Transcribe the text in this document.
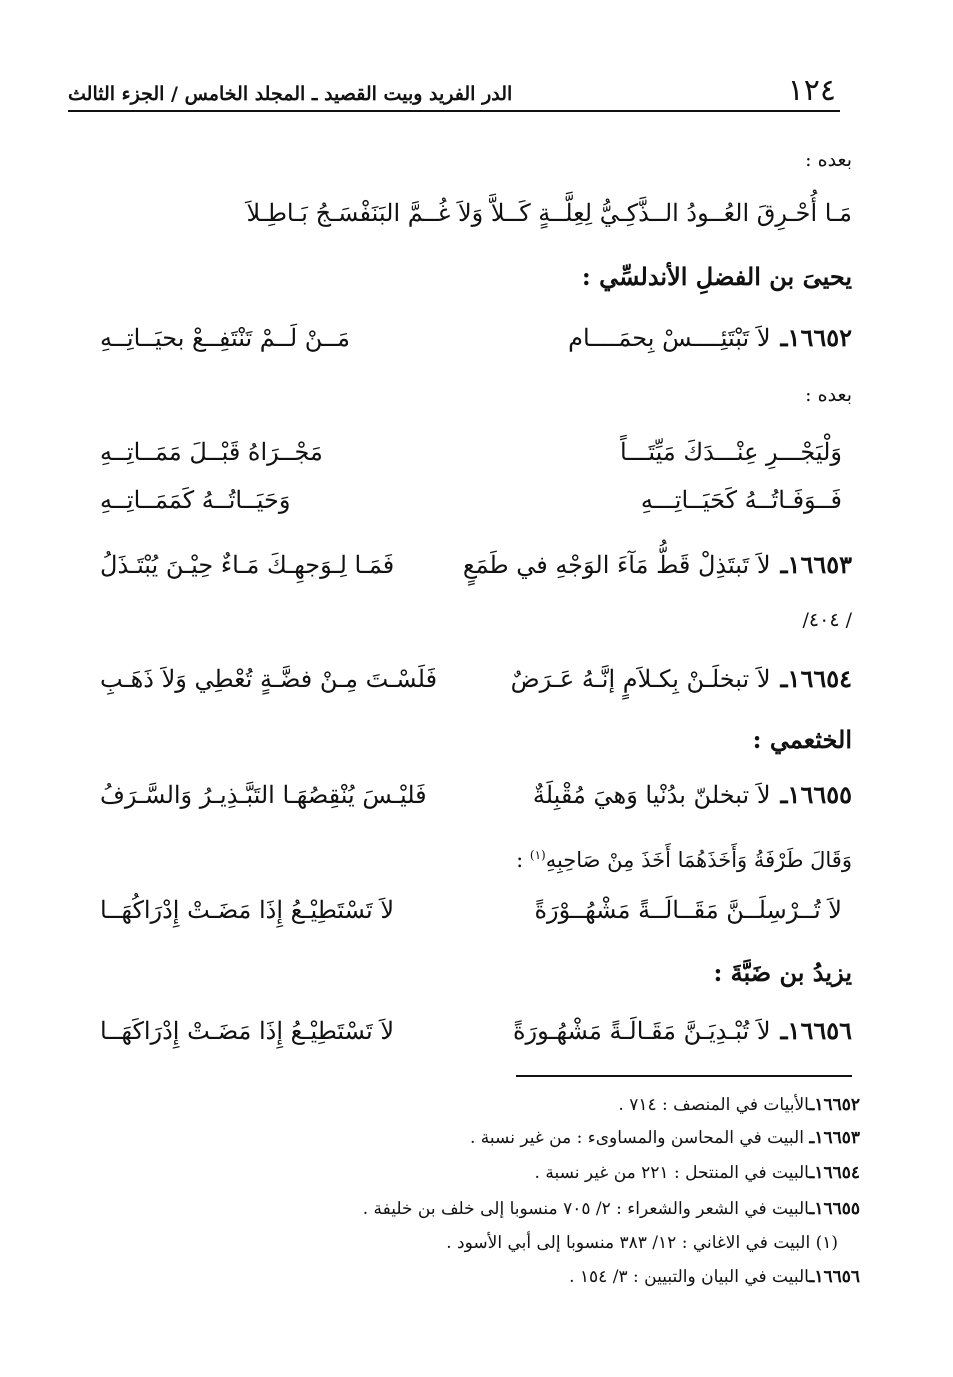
١٢٤
الدر الفريد وبيت القصيد ـ المجلد الخامس / الجزء الثالث
بعده :
مَـا أُحْـرِقَ العُــودُ الــذَّكِـيُّ لِعِلَّــةٍ كَــلاَّ وَلاَ غُــمَّ البَنَفْسَـجُ بَـاطِـلاَ
يحيىَ بن الفضلِ الأندلسِّي :
١٦٦٥٢ـ
لاَ تَبْتَئِــــسْ بِحمَــــام
مَــنْ لَــمْ تَنْتَفِــعْ بحيَــاتِــهِ
بعده :
وَلْيَجْـــرِ عِنْـــدَكَ مَيِّتَـــاً
مَجْــرَاهُ قَبْــلَ مَمَــاتِــهِ
فَــوَفَـاتُــهُ كَحَيَــاتِـــهِ
وَحَيَــاتُــهُ كَمَمَــاتِــهِ
١٦٦٥٣ـ
لاَ تَبتَذِلْ قَطُّ مَآءَ الوَجْهِ في طَمَعٍ
فَمَـا لِـوَجهِـكَ مَـاءٌ حِيْـنَ يُبْتَـذَلُ
/ ٤٠٤/
١٦٦٥٤ـ
لاَ تبخلَـنْ بِكـلاَمٍ إنَّـهُ عَـرَضٌ
فَلَسْـتَ مِـنْ فضَّـةٍ تُعْطِي وَلاَ ذَهَـبِ
الخثعمي :
١٦٦٥٥ـ
لاَ تبخلنّ بدُنْيا وَهيَ مُقْبِلَةٌ
فَليْـسَ يُنْقِصُهَـا التَبَّـذِيـرُ وَالسَّـرَفُ
وَقَالَ طَرْفَةُ وَأَخَذَهُمَا أَخَذَ مِنْ صَاحِبِهِ$^{(١)}$ :
لاَ تُــرْسِلَــنَّ مَقَــالَــةً مَشْهُــوْرَةً
لاَ تَسْتَطِيْـعُ إِذَا مَضَـتْ إِدْرَاكُهَــا
يزيدُ بن ضَبَّةَ :
١٦٦٥٦ـ
لاَ تُبْـدِيَـنَّ مَقَـالَـةً مَشْهُـورَةً
لاَ تَسْتَطِيْـعُ إِذَا مَضَـتْ إِدْرَاكَهَــا
١٦٦٥٢ـالأبيات في المنصف : ٧١٤ .
١٦٦٥٣ـ البيت في المحاسن والمساوىء : من غير نسبة .
١٦٦٥٤ـالبيت في المنتحل : ٢٢١ من غير نسبة .
١٦٦٥٥ـالبيت في الشعر والشعراء : ٢/ ٧٠٥ منسوبا إلى خلف بن خليفة .
(١) البيت في الاغاني : ١٢/ ٣٨٣ منسوبا إلى أبي الأسود .
١٦٦٥٦ـالبيت في البيان والتبيين : ٣/ ١٥٤ .
